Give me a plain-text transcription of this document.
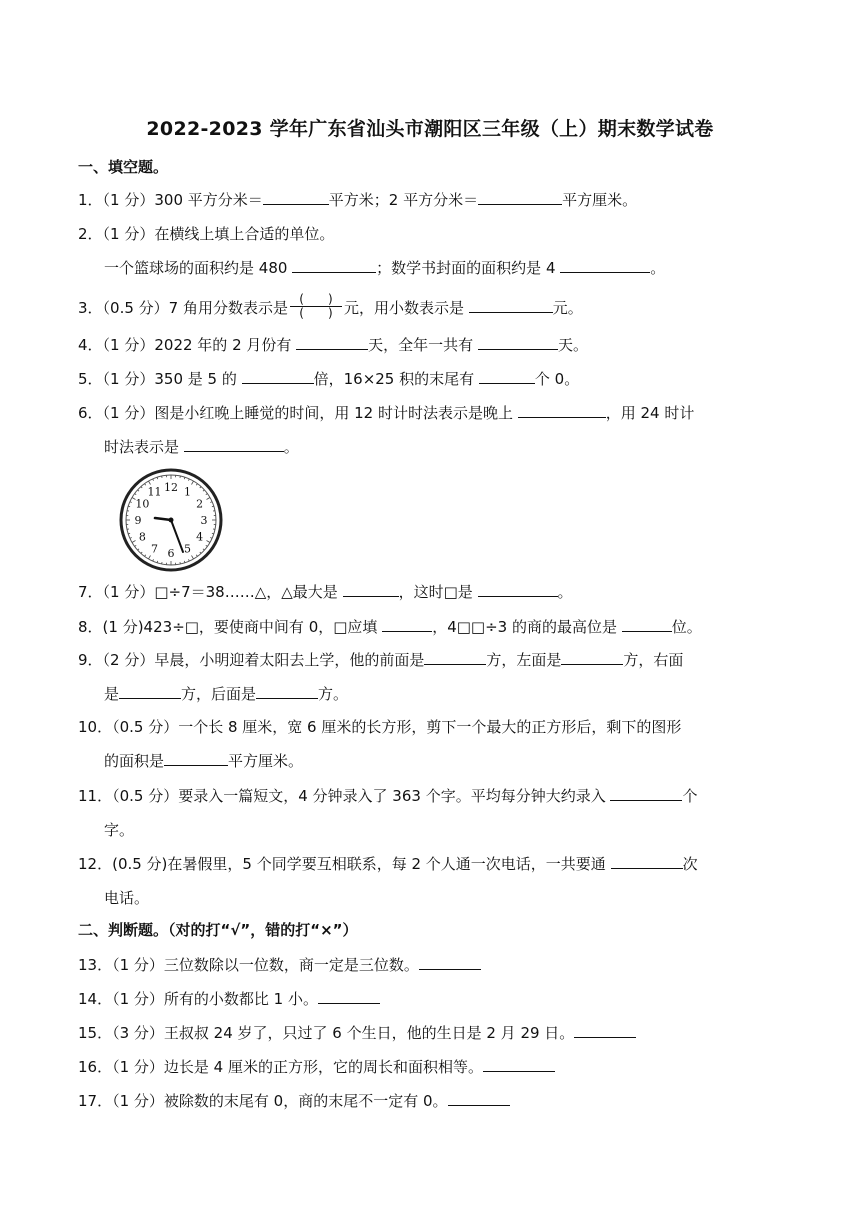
2022-2023 学年广东省汕头市潮阳区三年级（上）期末数学试卷
一、填空题。
1．（1 分）300 平方分米＝	平方米；2 平方分米＝	平方厘米。
2．（1 分）在横线上填上合适的单位。
一个篮球场的面积约是 480	；数学书封面的面积约是 4	。
3．（0.5 分）7 角用分数表示是 $\frac{( )}{( )}$ 元，用小数表示是	元。
4．（1 分）2022 年的 2 月份有	天，全年一共有	天。
5．（1 分）350 是 5 的	倍，16×25 积的末尾有	个 0。
6．（1 分）图是小红晚上睡觉的时间，用 12 时计时法表示是晚上	，用 24 时计
时法表示是	。
12 1
2
3
4
5
6
7
8
9
10
11
7．（1 分）□÷7＝38……△，△最大是	，这时□是	。
8．(1 分)423÷□，要使商中间有 0，□应填	，4□□÷3 的商的最高位是	位。
9．（2 分）早晨，小明迎着太阳去上学，他的前面是	方，左面是	方，右面
是	方，后面是	方。
10．（0.5 分）一个长 8 厘米，宽 6 厘米的长方形，剪下一个最大的正方形后，剩下的图形
的面积是	平方厘米。
11．（0.5 分）要录入一篇短文，4 分钟录入了 363 个字。平均每分钟大约录入	个
字。
12．(0.5 分)在暑假里，5 个同学要互相联系，每 2 个人通一次电话，一共要通	次
电话。
二、判断题。（对的打“√”，错的打“×”）
13．（1 分）三位数除以一位数，商一定是三位数。
14．（1 分）所有的小数都比 1 小。
15．（3 分）王叔叔 24 岁了，只过了 6 个生日，他的生日是 2 月 29 日。
16．（1 分）边长是 4 厘米的正方形，它的周长和面积相等。
17．（1 分）被除数的末尾有 0，商的末尾不一定有 0。
